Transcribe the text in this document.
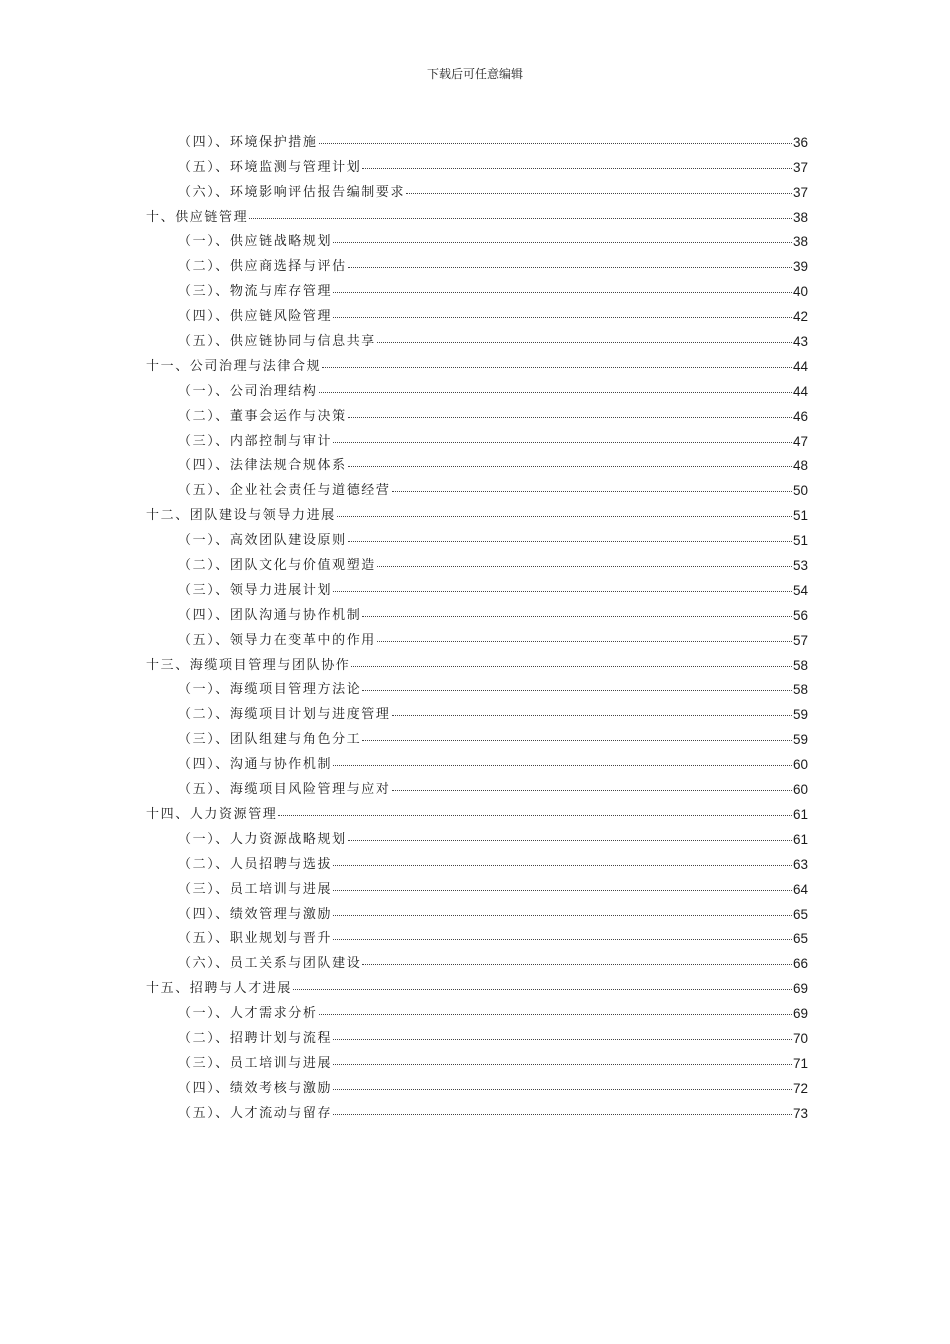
下载后可任意编辑
（四）、环境保护措施	36
（五）、环境监测与管理计划	37
（六）、环境影响评估报告编制要求	37
十、供应链管理	38
（一）、供应链战略规划	38
（二）、供应商选择与评估	39
（三）、物流与库存管理	40
（四）、供应链风险管理	42
（五）、供应链协同与信息共享	43
十一、公司治理与法律合规	44
（一）、公司治理结构	44
（二）、董事会运作与决策	46
（三）、内部控制与审计	47
（四）、法律法规合规体系	48
（五）、企业社会责任与道德经营	50
十二、团队建设与领导力进展	51
（一）、高效团队建设原则	51
（二）、团队文化与价值观塑造	53
（三）、领导力进展计划	54
（四）、团队沟通与协作机制	56
（五）、领导力在变革中的作用	57
十三、海缆项目管理与团队协作	58
（一）、海缆项目管理方法论	58
（二）、海缆项目计划与进度管理	59
（三）、团队组建与角色分工	59
（四）、沟通与协作机制	60
（五）、海缆项目风险管理与应对	60
十四、人力资源管理	61
（一）、人力资源战略规划	61
（二）、人员招聘与选拔	63
（三）、员工培训与进展	64
（四）、绩效管理与激励	65
（五）、职业规划与晋升	65
（六）、员工关系与团队建设	66
十五、招聘与人才进展	69
（一）、人才需求分析	69
（二）、招聘计划与流程	70
（三）、员工培训与进展	71
（四）、绩效考核与激励	72
（五）、人才流动与留存	73
